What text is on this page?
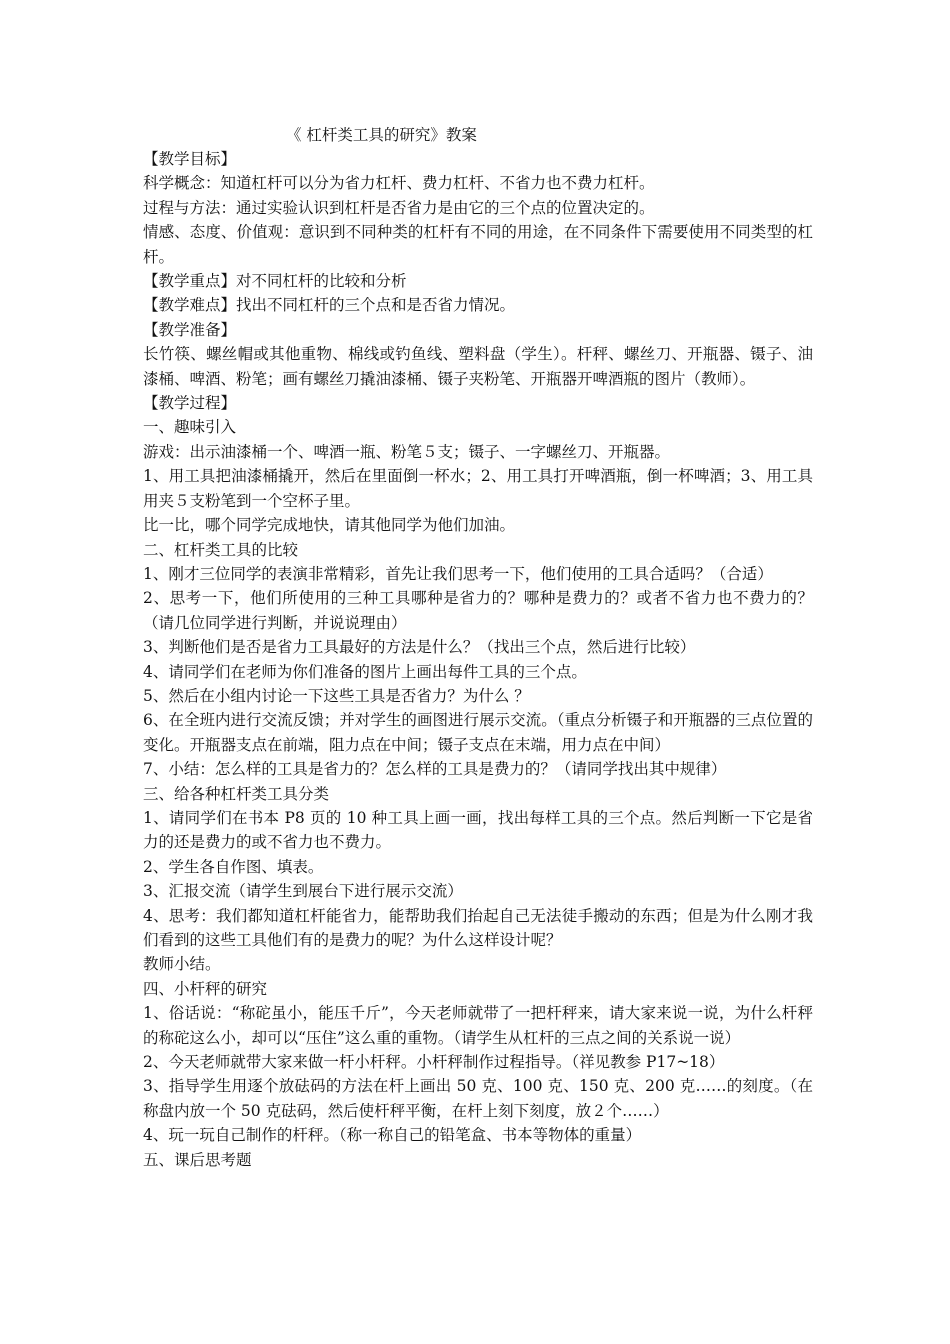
《 杠杆类工具的研究》教案
【教学目标】
科学概念：知道杠杆可以分为省力杠杆、费力杠杆、不省力也不费力杠杆。
过程与方法：通过实验认识到杠杆是否省力是由它的三个点的位置决定的。
情感、态度、价值观：意识到不同种类的杠杆有不同的用途，在不同条件下需要使用不同类型的杠杆。
【教学重点】对不同杠杆的比较和分析
【教学难点】找出不同杠杆的三个点和是否省力情况。
【教学准备】
长竹筷、螺丝帽或其他重物、棉线或钓鱼线、塑料盘（学生）。杆秤、螺丝刀、开瓶器、镊子、油漆桶、啤酒、粉笔；画有螺丝刀撬油漆桶、镊子夹粉笔、开瓶器开啤酒瓶的图片（教师）。
【教学过程】
一、趣味引入
游戏：出示油漆桶一个、啤酒一瓶、粉笔５支；镊子、一字螺丝刀、开瓶器。
1、用工具把油漆桶撬开，然后在里面倒一杯水；2、用工具打开啤酒瓶，倒一杯啤酒；3、用工具用夹５支粉笔到一个空杯子里。
比一比，哪个同学完成地快，请其他同学为他们加油。
二、杠杆类工具的比较
1、刚才三位同学的表演非常精彩，首先让我们思考一下，他们使用的工具合适吗？（合适）
2、思考一下，他们所使用的三种工具哪种是省力的？哪种是费力的？或者不省力也不费力的？（请几位同学进行判断，并说说理由）
3、判断他们是否是省力工具最好的方法是什么？（找出三个点，然后进行比较）
4、请同学们在老师为你们准备的图片上画出每件工具的三个点。
5、然后在小组内讨论一下这些工具是否省力？为什么 ？
6、在全班内进行交流反馈；并对学生的画图进行展示交流。（重点分析镊子和开瓶器的三点位置的变化。开瓶器支点在前端，阻力点在中间；镊子支点在末端，用力点在中间）
7、小结：怎么样的工具是省力的？怎么样的工具是费力的？（请同学找出其中规律）
三、给各种杠杆类工具分类
1、请同学们在书本 P8 页的 10 种工具上画一画，找出每样工具的三个点。然后判断一下它是省力的还是费力的或不省力也不费力。
2、学生各自作图、填表。
3、汇报交流（请学生到展台下进行展示交流）
4、思考：我们都知道杠杆能省力，能帮助我们抬起自己无法徒手搬动的东西；但是为什么刚才我们看到的这些工具他们有的是费力的呢？为什么这样设计呢？
教师小结。
四、小杆秤的研究
1、俗话说：“称砣虽小，能压千斤”，今天老师就带了一把杆秤来，请大家来说一说，为什么杆秤的称砣这么小，却可以“压住”这么重的重物。（请学生从杠杆的三点之间的关系说一说）
2、今天老师就带大家来做一杆小杆秤。小杆秤制作过程指导。（祥见教参 P17~18）
3、指导学生用逐个放砝码的方法在杆上画出 50 克、100 克、150 克、200 克……的刻度。（在称盘内放一个 50 克砝码，然后使杆秤平衡，在杆上刻下刻度，放２个……）
4、玩一玩自己制作的杆秤。（称一称自己的铅笔盒、书本等物体的重量）
五、课后思考题
